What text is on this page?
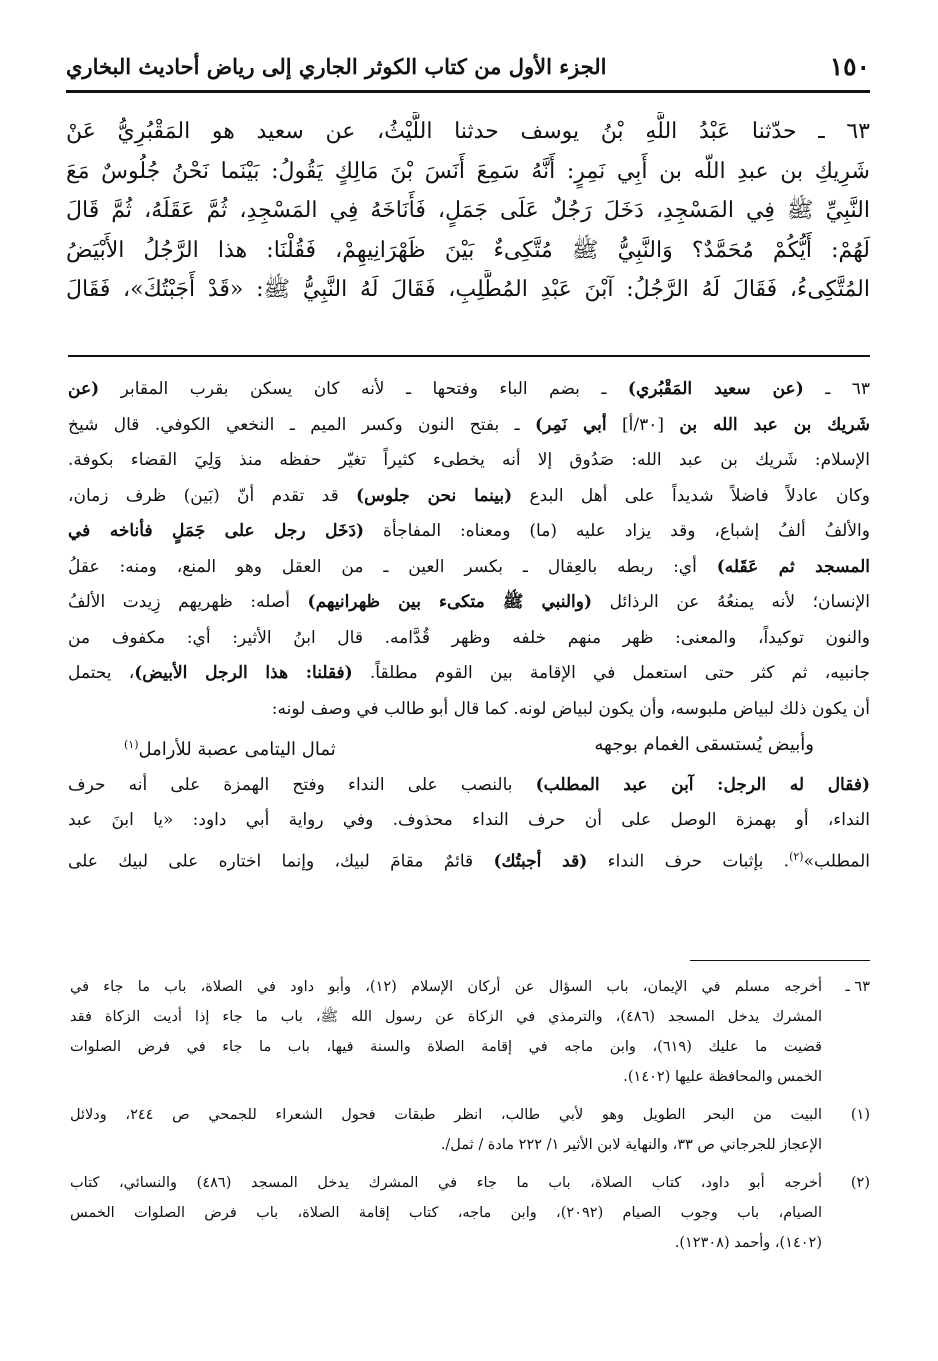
١٥٠
الجزء الأول من كتاب الكوثر الجاري إلى رياض أحاديث البخاري
٦٣ ـ حدّثنا عَبْدُ اللَّهِ بْنُ يوسف حدثنا اللَّيْثُ، عن سعيد هو المَقْبُرِيُّ عَنْ
شَرِيكِ بن عبدِ اللّه بن أَبِي نَمِرٍ: أَنَّهُ سَمِعَ أَنَسَ بْنَ مَالِكٍ يَقُولُ: بَيْنَما نَحْنُ جُلُوسٌ مَعَ
النَّبِيِّ ﷺ فِي المَسْجِدِ، دَخَلَ رَجُلٌ عَلَى جَمَلٍ، فَأَنَاخَهُ فِي المَسْجِدِ، ثُمَّ عَقَلَهُ، ثُمَّ قَالَ
لَهُمْ: أَيُّكُمْ مُحَمَّدٌ؟ وَالنَّبِيُّ ﷺ مُتَّكِىءٌ بَيْنَ ظَهْرَانِيهِمْ، فَقُلْنَا: هذا الرَّجُلُ الأَبْيَضُ
المُتَّكِىءُ، فَقَالَ لَهُ الرَّجُلُ: آبْنَ عَبْدِ المُطَّلِبِ، فَقَالَ لَهُ النَّبِيُّ ﷺ: «قَدْ أَجَبْتُكَ»، فَقَالَ
٦٣ ـ (عن سعيد المَقْبُري) ـ بضم الباء وفتحها ـ لأنه كان يسكن بقرب المقابر (عن
شَريك بن عبد الله بن [٣٠/أ] أبي نَمِر) ـ بفتح النون وكسر الميم ـ النخعي الكوفي. قال شيخ
الإسلام: شَريك بن عبد الله: صَدُوق إلا أنه يخطىء كثيراً تغيّر حفظه منذ وَلِيَ القضاء بكوفة.
وكان عادلاً فاضلاً شديداً على أهل البدع (بينما نحن جلوس) قد تقدم أنّ (بَين) ظرف زمان،
والألفُ ألفُ إشباع، وقد يزاد عليه (ما) ومعناه: المفاجأة (دَخَل رجل على جَمَلٍ فأناخه في
المسجد ثم عَقَله) أي: ربطه بالعِقال ـ بكسر العين ـ من العقل وهو المنع، ومنه: عقلُ
الإنسان؛ لأنه يمنعُهُ عن الرذائل (والنبي ﷺ متكىء بين ظهرانيهم) أصله: ظهريهم زِيدت الألفُ
والنون توكيداً، والمعنى: ظهر منهم خلفه وظهر قُدَّامه. قال ابنُ الأثير: أي: مكفوف من
جانبيه، ثم كثر حتى استعمل في الإقامة بين القوم مطلقاً. (فقلنا: هذا الرجل الأبيض)، يحتمل
أن يكون ذلك لبياض ملبوسه، وأن يكون لبياض لونه. كما قال أبو طالب في وصف لونه:
وأبيض يُستسقى الغمام بوجهه
ثمال اليتامى عصبة للأرامل$^{(١)}$
(فقال له الرجل: آبن عبد المطلب) بالنصب على النداء وفتح الهمزة على أنه حرف
النداء، أو بهمزة الوصل على أن حرف النداء محذوف. وفي رواية أبي داود: «يا ابنَ عبد
المطلب»$^{(٢)}$. بإثبات حرف النداء (قد أجبتُك) قائمٌ مقامَ لبيك، وإنما اختاره على لبيك على
٦٣ ـ
أخرجه مسلم في الإيمان، باب السؤال عن أركان الإسلام (١٢)، وأبو داود في الصلاة، باب ما جاء في
المشرك يدخل المسجد (٤٨٦)، والترمذي في الزكاة عن رسول الله ﷺ، باب ما جاء إذا أديت الزكاة فقد
قضيت ما عليك (٦١٩)، وابن ماجه في إقامة الصلاة والسنة فيها، باب ما جاء في فرض الصلوات
الخمس والمحافظة عليها (١٤٠٢).
(١)
البيت من البحر الطويل وهو لأبي طالب، انظر طبقات فحول الشعراء للجمحي ص ٢٤٤، ودلائل
الإعجاز للجرجاني ص ٣٣، والنهاية لابن الأثير ١/ ٢٢٢ مادة / ثمل/.
(٢)
أخرجه أبو داود، كتاب الصلاة، باب ما جاء في المشرك يدخل المسجد (٤٨٦) والنسائي، كتاب
الصيام، باب وجوب الصيام (٢٠٩٢)، وابن ماجه، كتاب إقامة الصلاة، باب فرض الصلوات الخمس
(١٤٠٢)، وأحمد (١٢٣٠٨).
